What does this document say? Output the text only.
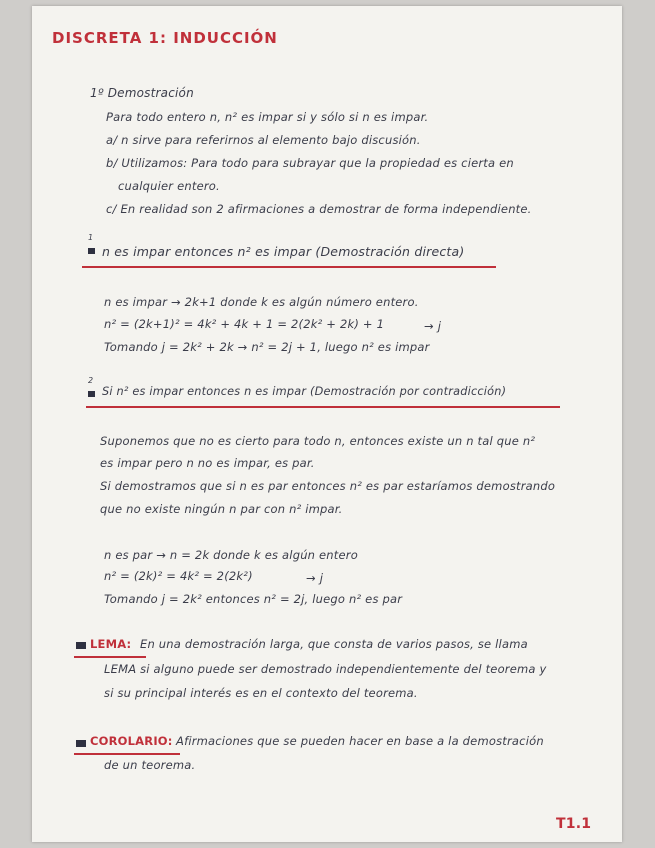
DISCRETA 1: INDUCCIÓN

1º Demostración

Para todo entero n, n² es impar si y sólo si n es impar.

a/ n sirve para referirnos al elemento bajo discusión.

b/ Utilizamos: Para todo para subrayar que la propiedad es cierta en

cualquier entero.

c/ En realidad son 2 afirmaciones a demostrar de forma independiente.

1

n es impar entonces n² es impar (Demostración directa)

n es impar → 2k+1 donde k es algún número entero.

n² = (2k+1)² = 4k² + 4k + 1 = 2(2k² + 2k) + 1	→ j

Tomando j = 2k² + 2k → n² = 2j + 1, luego n² es impar

2

Si n² es impar entonces n es impar (Demostración por contradicción)

Suponemos que no es cierto para todo n, entonces existe un n tal que n²

es impar pero n no es impar, es par.

Si demostramos que si n es par entonces n² es par estaríamos demostrando

que no existe ningún n par con n² impar.

n es par → n = 2k donde k es algún entero

n² = (2k)² = 4k² = 2(2k²)	→ j

Tomando j = 2k² entonces n² = 2j, luego n² es par

LEMA: En una demostración larga, que consta de varios pasos, se llama

LEMA si alguno puede ser demostrado independientemente del teorema y

si su principal interés es en el contexto del teorema.

COROLARIO: Afirmaciones que se pueden hacer en base a la demostración

de un teorema.

T1.1
